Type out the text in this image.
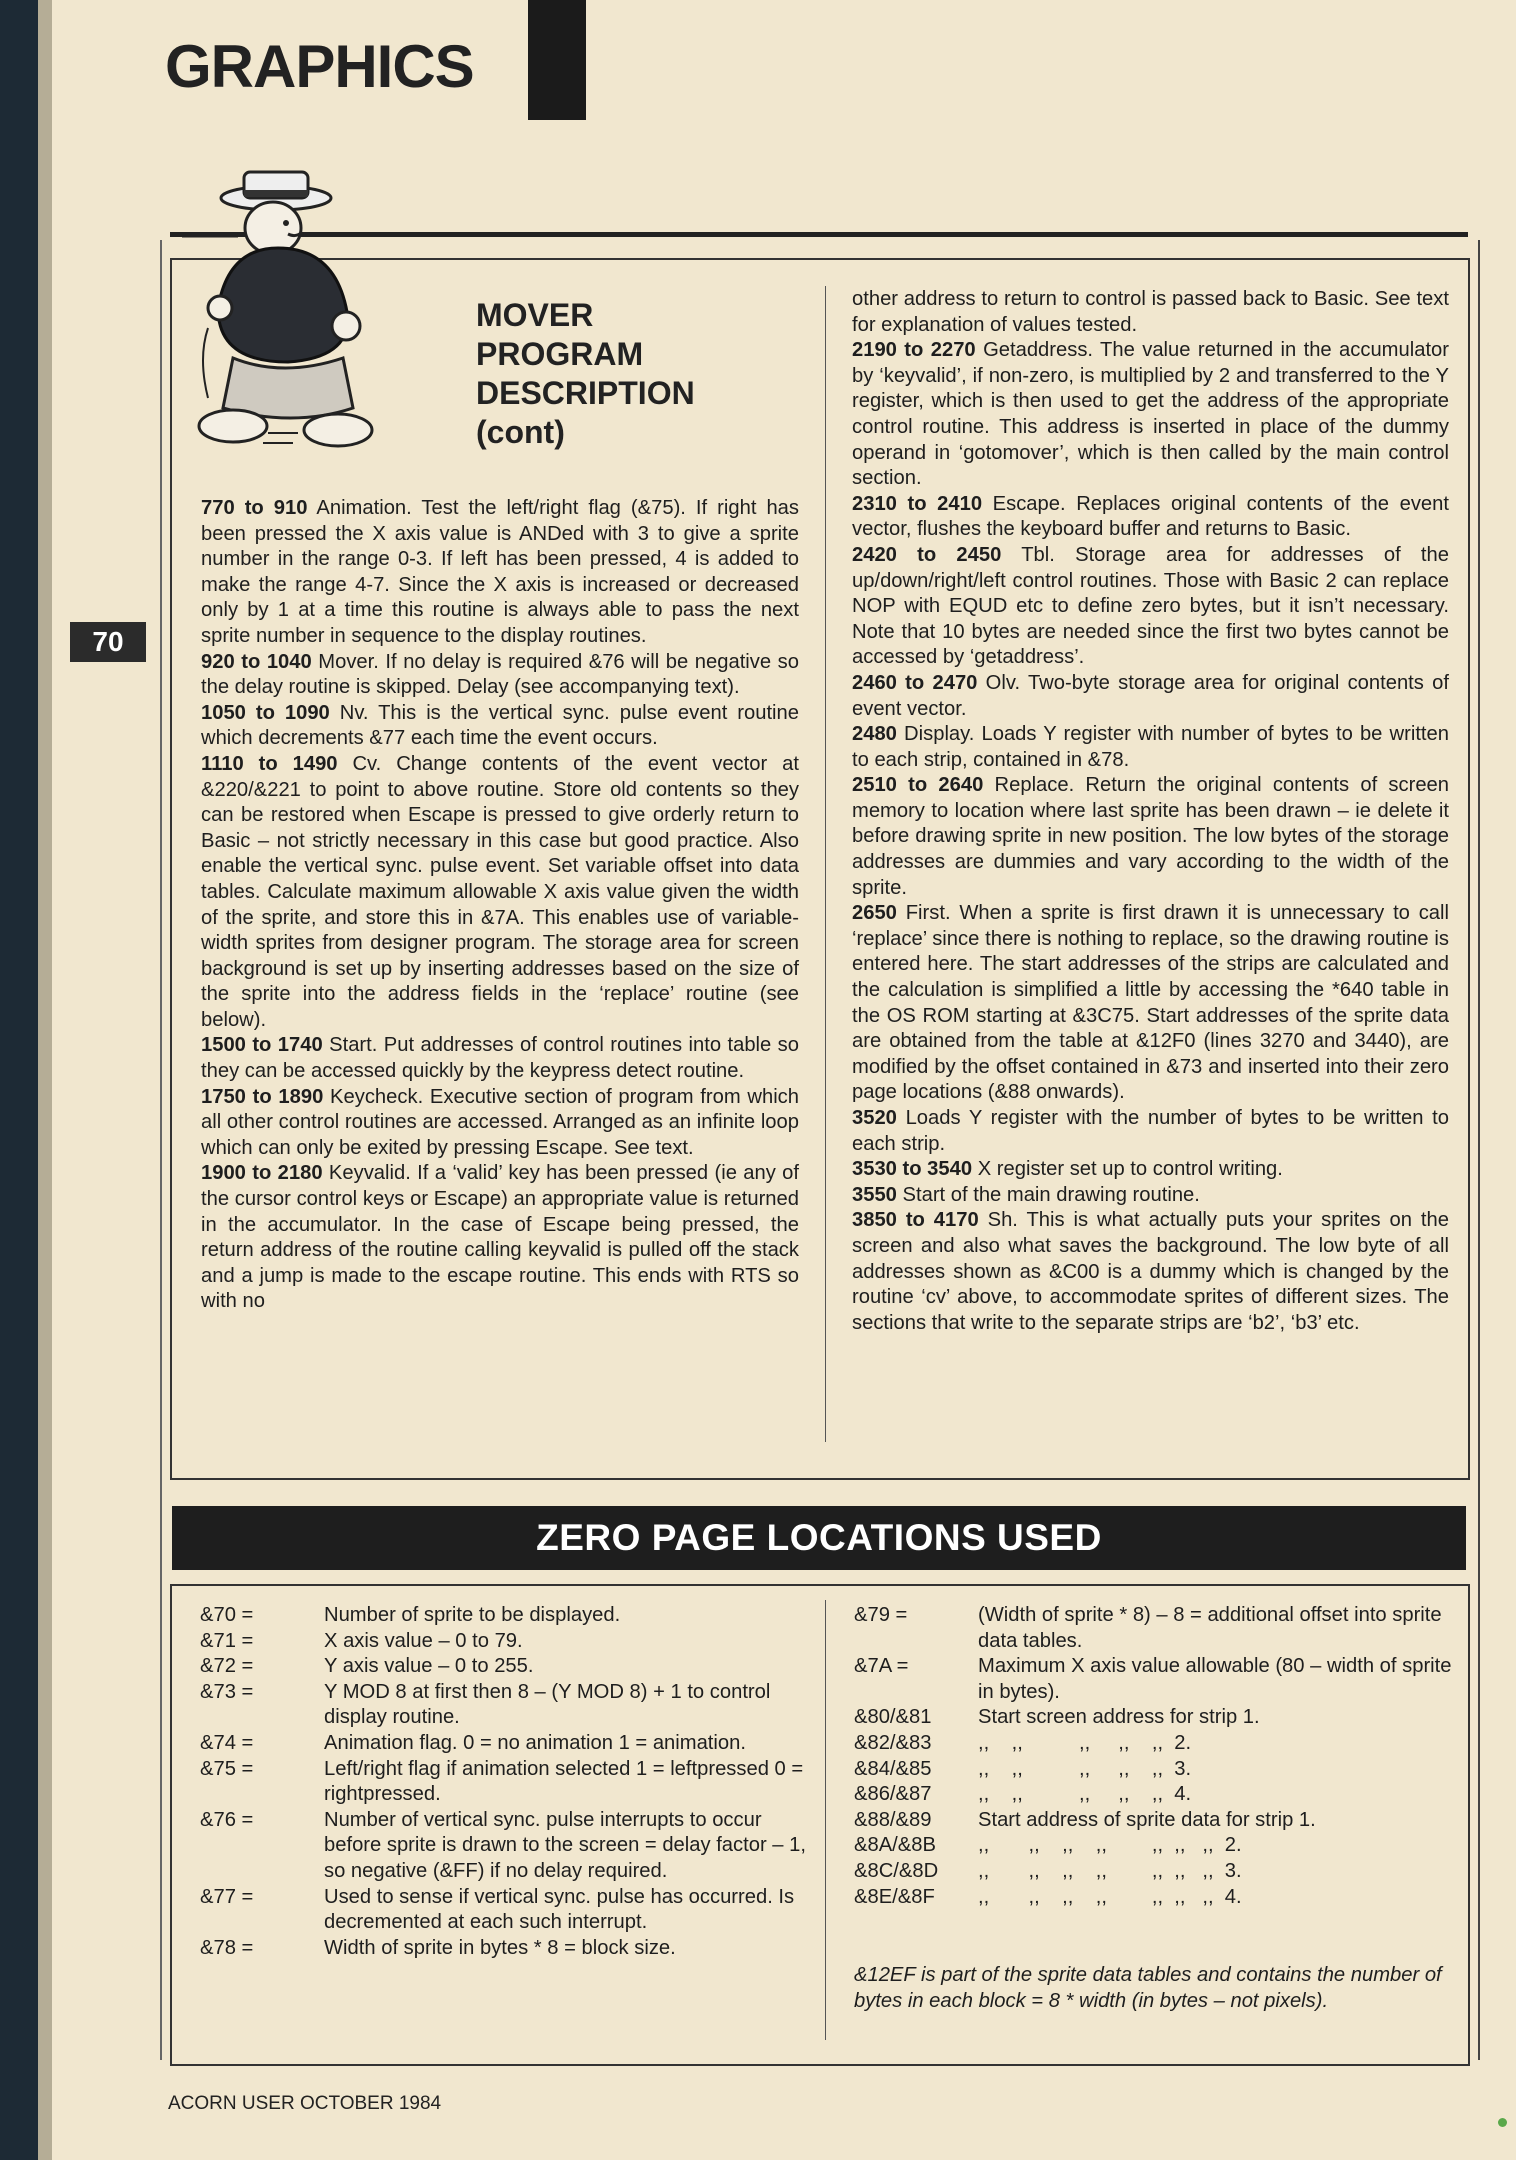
GRAPHICS
70
MOVER
PROGRAM
DESCRIPTION
(cont)

770 to 910 Animation. Test the left/right flag (&75). If right has been pressed the X axis value is ANDed with 3 to give a sprite number in the range 0-3. If left has been pressed, 4 is added to make the range 4-7. Since the X axis is increased or decreased only by 1 at a time this routine is always able to pass the next sprite number in sequence to the display routines.

920 to 1040 Mover. If no delay is required &76 will be negative so the delay routine is skipped. Delay (see accompanying text).

1050 to 1090 Nv. This is the vertical sync. pulse event routine which decrements &77 each time the event occurs.

1110 to 1490 Cv. Change contents of the event vector at &220/&221 to point to above routine. Store old contents so they can be restored when Escape is pressed to give orderly return to Basic – not strictly necessary in this case but good practice. Also enable the vertical sync. pulse event. Set variable offset into data tables. Calculate maximum allowable X axis value given the width of the sprite, and store this in &7A. This enables use of variable-width sprites from designer program. The storage area for screen background is set up by inserting addresses based on the size of the sprite into the address fields in the ‘replace’ routine (see below).

1500 to 1740 Start. Put addresses of control routines into table so they can be accessed quickly by the keypress detect routine.

1750 to 1890 Keycheck. Executive section of program from which all other control routines are accessed. Arranged as an infinite loop which can only be exited by pressing Escape. See text.

1900 to 2180 Keyvalid. If a ‘valid’ key has been pressed (ie any of the cursor control keys or Escape) an appropriate value is returned in the accumulator. In the case of Escape being pressed, the return address of the routine calling keyvalid is pulled off the stack and a jump is made to the escape routine. This ends with RTS so with no

other address to return to control is passed back to Basic. See text for explanation of values tested.

2190 to 2270 Getaddress. The value returned in the accumulator by ‘keyvalid’, if non-zero, is multiplied by 2 and transferred to the Y register, which is then used to get the address of the appropriate control routine. This address is inserted in place of the dummy operand in ‘gotomover’, which is then called by the main control section.

2310 to 2410 Escape. Replaces original contents of the event vector, flushes the keyboard buffer and returns to Basic.

2420 to 2450 Tbl. Storage area for addresses of the up/down/right/left control routines. Those with Basic 2 can replace NOP with EQUD etc to define zero bytes, but it isn’t necessary. Note that 10 bytes are needed since the first two bytes cannot be accessed by ‘getaddress’.

2460 to 2470 Olv. Two-byte storage area for original contents of event vector.

2480 Display. Loads Y register with number of bytes to be written to each strip, contained in &78.

2510 to 2640 Replace. Return the original contents of screen memory to location where last sprite has been drawn – ie delete it before drawing sprite in new position. The low bytes of the storage addresses are dummies and vary according to the width of the sprite.

2650 First. When a sprite is first drawn it is unnecessary to call ‘replace’ since there is nothing to replace, so the drawing routine is entered here. The start addresses of the strips are calculated and the calculation is simplified a little by accessing the *640 table in the OS ROM starting at &3C75. Start addresses of the sprite data are obtained from the table at &12F0 (lines 3270 and 3440), are modified by the offset contained in &73 and inserted into their zero page locations (&88 onwards).

3520 Loads Y register with the number of bytes to be written to each strip.

3530 to 3540 X register set up to control writing.

3550 Start of the main drawing routine.

3850 to 4170 Sh. This is what actually puts your sprites on the screen and also what saves the background. The low byte of all addresses shown as &C00 is a dummy which is changed by the routine ‘cv’ above, to accommodate sprites of different sizes. The sections that write to the separate strips are ‘b2’, ‘b3’ etc.

ZERO PAGE LOCATIONS USED
&70 =	Number of sprite to be displayed.
&71 =	X axis value – 0 to 79.
&72 =	Y axis value – 0 to 255.
&73 =	Y MOD 8 at first then 8 – (Y MOD 8) + 1 to control display routine.
&74 =	Animation flag. 0 = no animation 1 = animation.
&75 =	Left/right flag if animation selected 1 = leftpressed 0 = rightpressed.
&76 =	Number of vertical sync. pulse interrupts to occur before sprite is drawn to the screen = delay factor – 1, so negative (&FF) if no delay required.
&77 =	Used to sense if vertical sync. pulse has occurred. Is decremented at each such interrupt.
&78 =	Width of sprite in bytes * 8 = block size.
&79 =	(Width of sprite * 8) – 8 = additional offset into sprite data tables.
&7A =	Maximum X axis value allowable (80 – width of sprite in bytes).
&80/&81	Start screen address for strip 1.
&82/&83	,,    ,,          ,,     ,,    ,,  2.
&84/&85	,,    ,,          ,,     ,,    ,,  3.
&86/&87	,,    ,,          ,,     ,,    ,,  4.
&88/&89	Start address of sprite data for strip 1.
&8A/&8B	,,       ,,    ,,    ,,        ,,  ,,   ,,  2.
&8C/&8D	,,       ,,    ,,    ,,        ,,  ,,   ,,  3.
&8E/&8F	,,       ,,    ,,    ,,        ,,  ,,   ,,  4.
&12EF is part of the sprite data tables and contains the number of bytes in each block = 8 * width (in bytes – not pixels).
ACORN USER OCTOBER 1984
